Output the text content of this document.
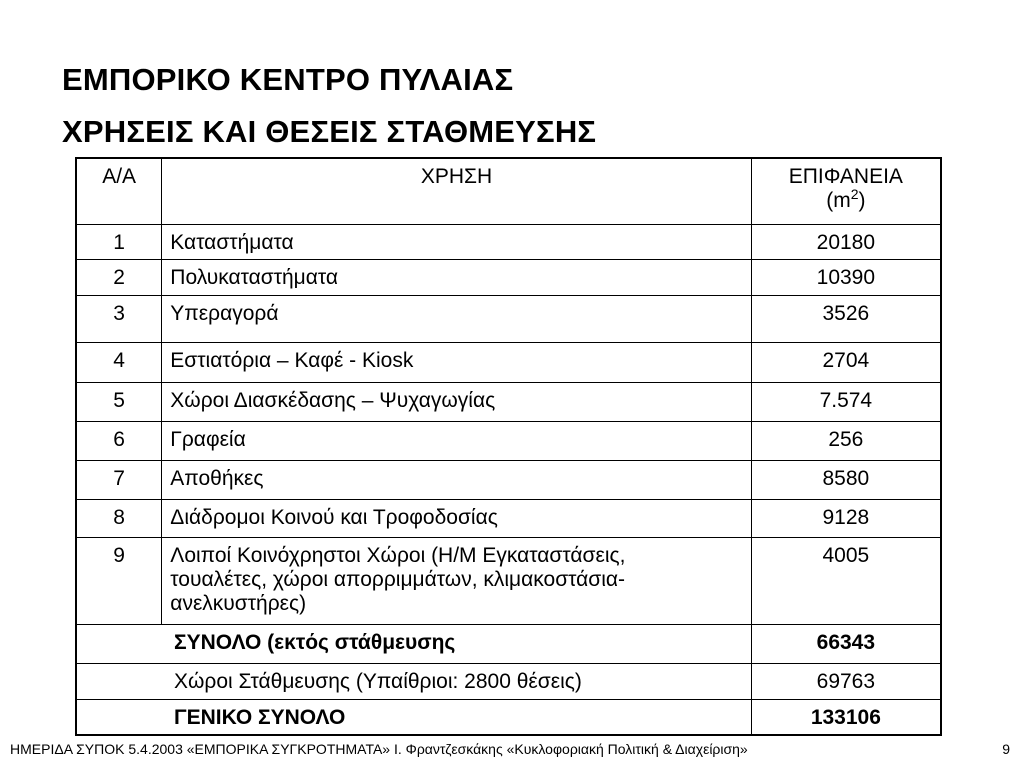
ΕΜΠΟΡΙΚΟ ΚΕΝΤΡΟ ΠΥΛΑΙΑΣ
ΧΡΗΣΕΙΣ ΚΑΙ ΘΕΣΕΙΣ ΣΤΑΘΜΕΥΣΗΣ
Α/Α	ΧΡΗΣΗ	ΕΠΙΦΑΝΕΙΑ
$(m^2)$

1	Καταστήματα	20180
2	Πολυκαταστήματα	10390
3	Υπεραγορά	3526
4	Εστιατόρια – Καφέ - Kiosk	2704
5	Χώροι Διασκέδασης – Ψυχαγωγίας	7.574
6	Γραφεία	256
7	Αποθήκες	8580
8	Διάδρομοι Κοινού και Τροφοδοσίας	9128
9	Λοιποί Κοινόχρηστοι Χώροι (Η/Μ Εγκαταστάσεις,
τουαλέτες, χώροι απορριμμάτων, κλιμακοστάσια-
ανελκυστήρες)	4005
ΣΥΝΟΛΟ (εκτός στάθμευσης		66343
Χώροι Στάθμευσης (Υπαίθριοι: 2800 θέσεις)		69763
ΓΕΝΙΚΟ ΣΥΝΟΛΟ		133106
ΗΜΕΡΙΔΑ ΣΥΠΟΚ 5.4.2003 «ΕΜΠΟΡΙΚΑ ΣΥΓΚΡΟΤΗΜΑΤΑ» Ι. Φραντζεσκάκης «Κυκλοφοριακή Πολιτική & Διαχείριση»	9
